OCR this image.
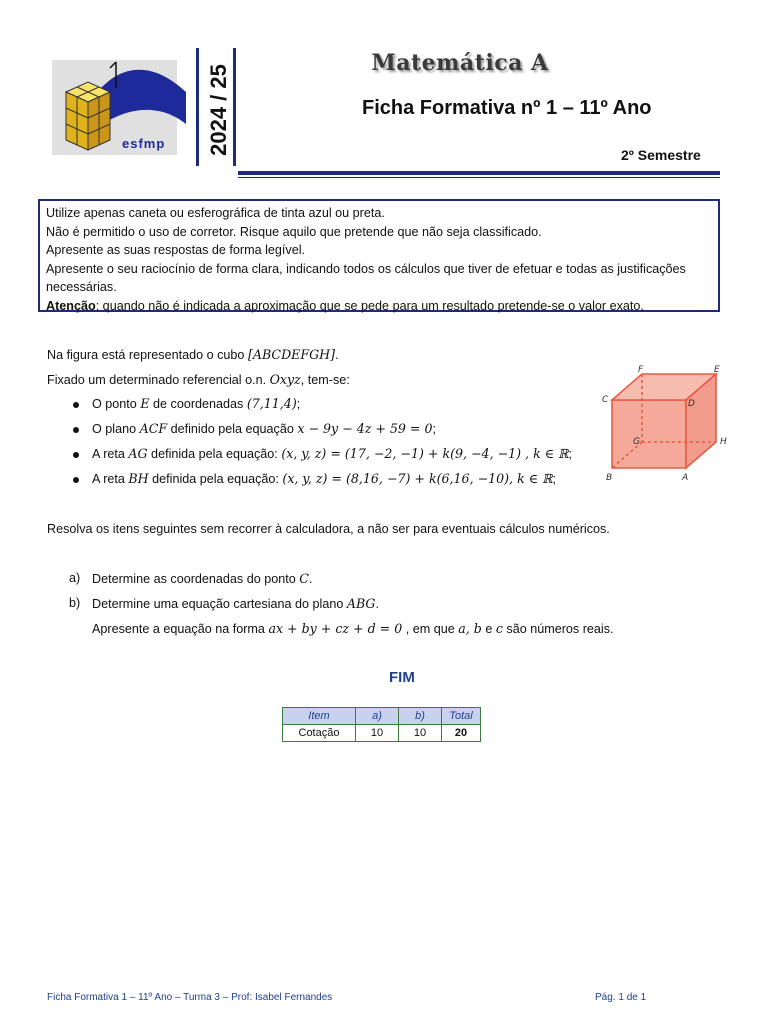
esfmp	2024 / 25
Matemática A
Ficha Formativa nº 1 – 11º Ano
2º Semestre

Utilize apenas caneta ou esferográfica de tinta azul ou preta.

Não é permitido o uso de corretor. Risque aquilo que pretende que não seja classificado.

Apresente as suas respostas de forma legível.

Apresente o seu raciocínio de forma clara, indicando todos os cálculos que tiver de efetuar e todas as justificações necessárias.

Atenção: quando não é indicada a aproximação que se pede para um resultado pretende-se o valor exato.

Na figura está representado o cubo [ABCDEFGH].
Fixado um determinado referencial o.n. Oxyz, tem-se:
O ponto E de coordenadas (7,11,4);
O plano ACF definido pela equação x − 9y − 4z + 59 = 0;
A reta AG definida pela equação: (x, y, z) = (17, −2, −1) + k(9, −4, −1) , k ∈ ℝ;
A reta BH definida pela equação: (x, y, z) = (8,16, −7) + k(6,16, −10), k ∈ ℝ;
F	E
C	D
G	H
B	A
Resolva os itens seguintes sem recorrer à calculadora, a não ser para eventuais cálculos numéricos.
a) Determine as coordenadas do ponto C.
b) Determine uma equação cartesiana do plano ABG.
Apresente a equação na forma ax + by + cz + d = 0 , em que a, b e c são números reais.
FIM
Item	a)	b)	Total
Cotação	10	10	20
Ficha Formativa 1 – 11º Ano – Turma 3 – Prof: Isabel Fernandes	Pág. 1 de 1
